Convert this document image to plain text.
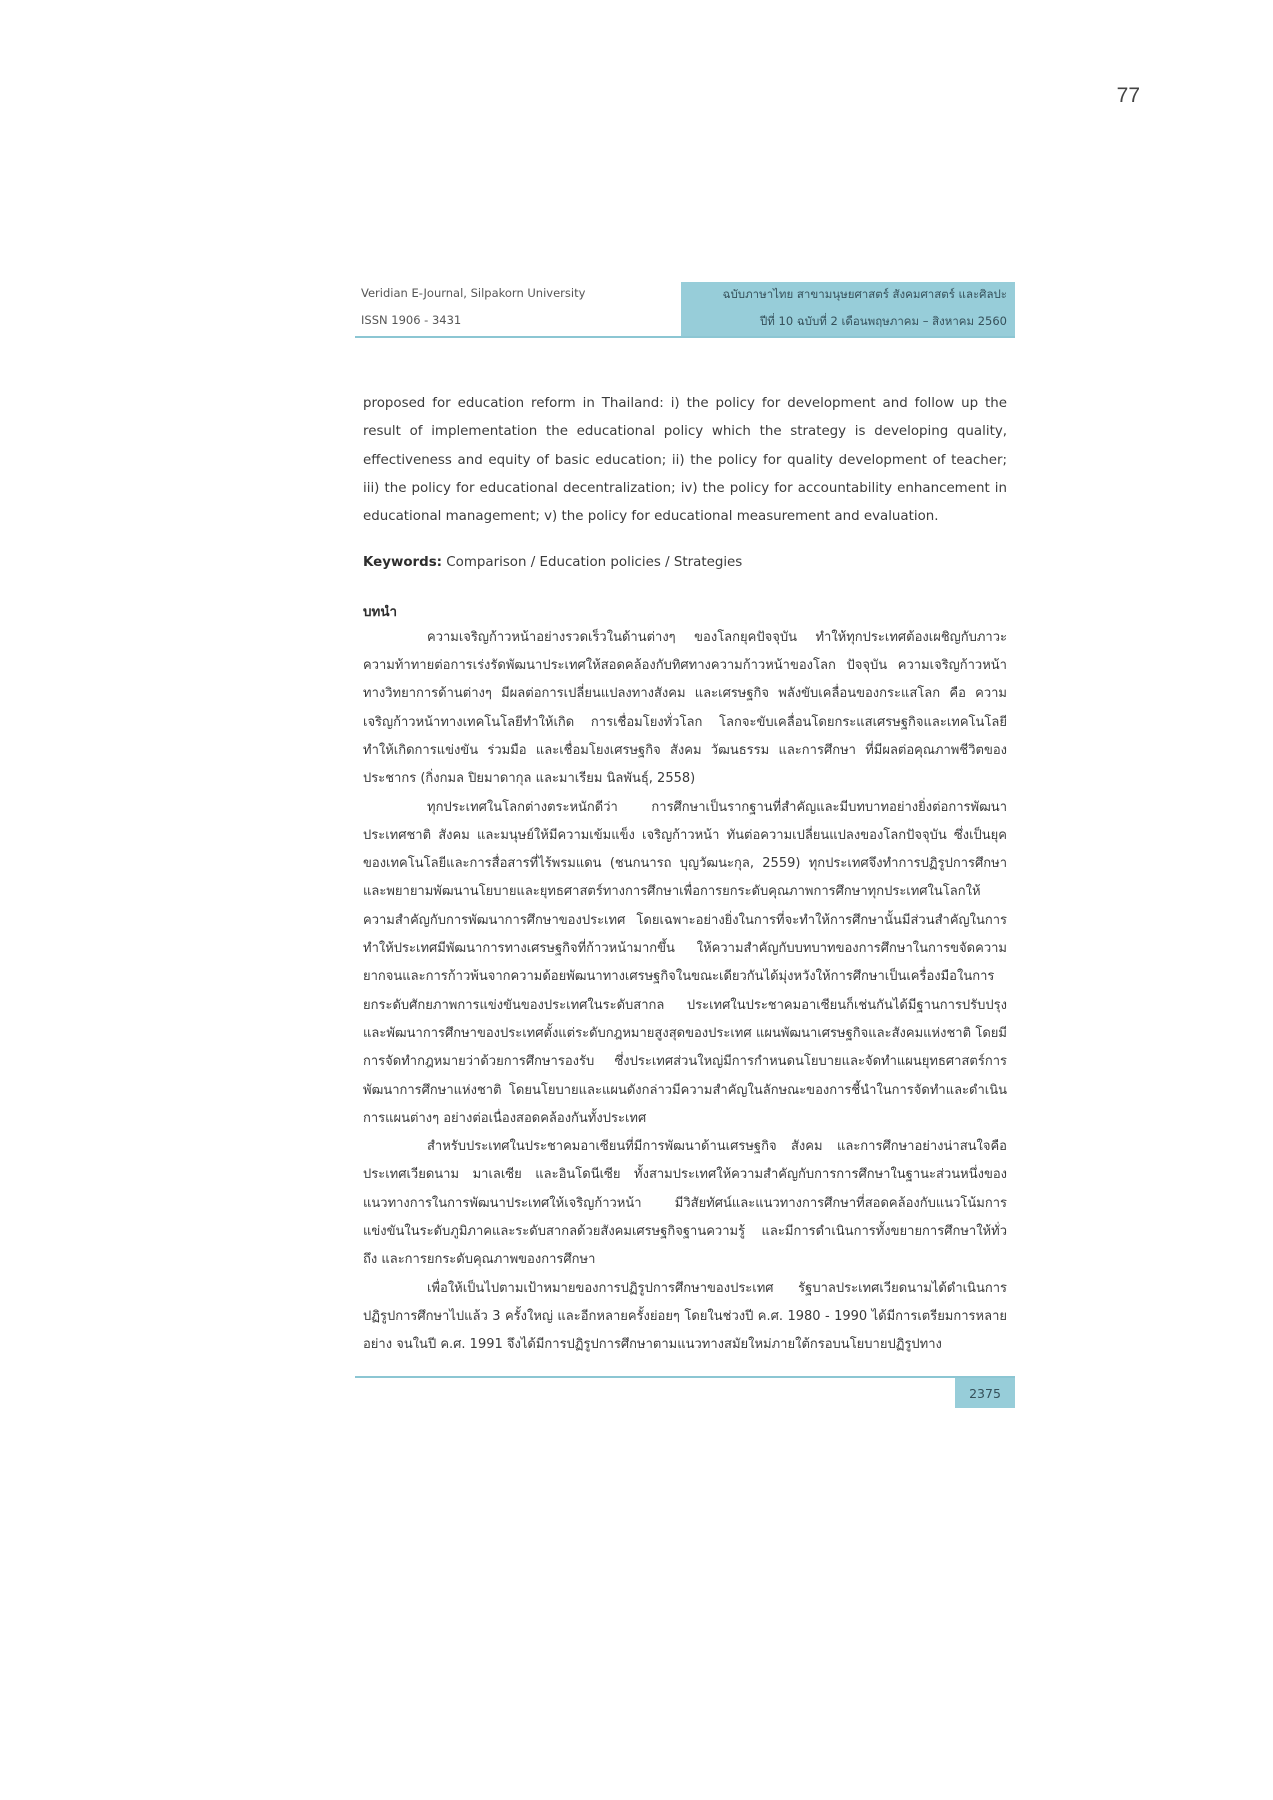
77
Veridian E-Journal, Silpakorn University
ISSN 1906 - 3431
ฉบับภาษาไทย สาขามนุษยศาสตร์ สังคมศาสตร์ และศิลปะ
ปีที่ 10 ฉบับที่ 2 เดือนพฤษภาคม – สิงหาคม 2560

proposed for education reform in Thailand: i) the policy for development and follow up the result of implementation the educational policy which the strategy is developing quality, effectiveness and equity of basic education; ii) the policy for quality development of teacher; iii) the policy for educational decentralization; iv) the policy for accountability enhancement in educational management; v) the policy for educational measurement and evaluation.

Keywords: Comparison / Education policies / Strategies

บทนำ

ความเจริญก้าวหน้าอย่างรวดเร็วในด้านต่างๆ ของโลกยุคปัจจุบัน ทำให้ทุกประเทศต้องเผชิญกับภาวะความท้าทายต่อการเร่งรัดพัฒนาประเทศให้สอดคล้องกับทิศทางความก้าวหน้าของโลก ปัจจุบัน ความเจริญก้าวหน้าทางวิทยาการด้านต่างๆ มีผลต่อการเปลี่ยนแปลงทางสังคม และเศรษฐกิจ พลังขับเคลื่อนของกระแสโลก คือ ความเจริญก้าวหน้าทางเทคโนโลยีทำให้เกิด การเชื่อมโยงทั่วโลก โลกจะขับเคลื่อนโดยกระแสเศรษฐกิจและเทคโนโลยี ทำให้เกิดการแข่งขัน ร่วมมือ และเชื่อมโยงเศรษฐกิจ สังคม วัฒนธรรม และการศึกษา ที่มีผลต่อคุณภาพชีวิตของประชากร (กิ่งกมล ปิยมาดากุล และมาเรียม นิลพันธุ์, 2558)

ทุกประเทศในโลกต่างตระหนักดีว่า การศึกษาเป็นรากฐานที่สำคัญและมีบทบาทอย่างยิ่งต่อการพัฒนาประเทศชาติ สังคม และมนุษย์ให้มีความเข้มแข็ง เจริญก้าวหน้า ทันต่อความเปลี่ยนแปลงของโลกปัจจุบัน ซึ่งเป็นยุคของเทคโนโลยีและการสื่อสารที่ไร้พรมแดน (ชนกนารถ บุญวัฒนะกุล, 2559) ทุกประเทศจึงทำการปฏิรูปการศึกษาและพยายามพัฒนานโยบายและยุทธศาสตร์ทางการศึกษาเพื่อการยกระดับคุณภาพการศึกษาทุกประเทศในโลกให้ความสำคัญกับการพัฒนาการศึกษาของประเทศ โดยเฉพาะอย่างยิ่งในการที่จะทำให้การศึกษานั้นมีส่วนสำคัญในการทำให้ประเทศมีพัฒนาการทางเศรษฐกิจที่ก้าวหน้ามากขึ้น ให้ความสำคัญกับบทบาทของการศึกษาในการขจัดความยากจนและการก้าวพ้นจากความด้อยพัฒนาทางเศรษฐกิจในขณะเดียวกันได้มุ่งหวังให้การศึกษาเป็นเครื่องมือในการยกระดับศักยภาพการแข่งขันของประเทศในระดับสากล ประเทศในประชาคมอาเซียนก็เช่นกันได้มีฐานการปรับปรุงและพัฒนาการศึกษาของประเทศตั้งแต่ระดับกฎหมายสูงสุดของประเทศ แผนพัฒนาเศรษฐกิจและสังคมแห่งชาติ โดยมีการจัดทำกฎหมายว่าด้วยการศึกษารองรับ ซึ่งประเทศส่วนใหญ่มีการกำหนดนโยบายและจัดทำแผนยุทธศาสตร์การพัฒนาการศึกษาแห่งชาติ โดยนโยบายและแผนดังกล่าวมีความสำคัญในลักษณะของการชี้นำในการจัดทำและดำเนินการแผนต่างๆ อย่างต่อเนื่องสอดคล้องกันทั้งประเทศ

สำหรับประเทศในประชาคมอาเซียนที่มีการพัฒนาด้านเศรษฐกิจ สังคม และการศึกษาอย่างน่าสนใจคือประเทศเวียดนาม มาเลเซีย และอินโดนีเซีย ทั้งสามประเทศให้ความสำคัญกับการการศึกษาในฐานะส่วนหนึ่งของแนวทางการในการพัฒนาประเทศให้เจริญก้าวหน้า มีวิสัยทัศน์และแนวทางการศึกษาที่สอดคล้องกับแนวโน้มการแข่งขันในระดับภูมิภาคและระดับสากลด้วยสังคมเศรษฐกิจฐานความรู้ และมีการดำเนินการทั้งขยายการศึกษาให้ทั่วถึง และการยกระดับคุณภาพของการศึกษา

เพื่อให้เป็นไปตามเป้าหมายของการปฏิรูปการศึกษาของประเทศ รัฐบาลประเทศเวียดนามได้ดำเนินการปฏิรูปการศึกษาไปแล้ว 3 ครั้งใหญ่ และอีกหลายครั้งย่อยๆ โดยในช่วงปี ค.ศ. 1980 - 1990 ได้มีการเตรียมการหลายอย่าง จนในปี ค.ศ. 1991 จึงได้มีการปฏิรูปการศึกษาตามแนวทางสมัยใหม่ภายใต้กรอบนโยบายปฏิรูปทาง

2375
